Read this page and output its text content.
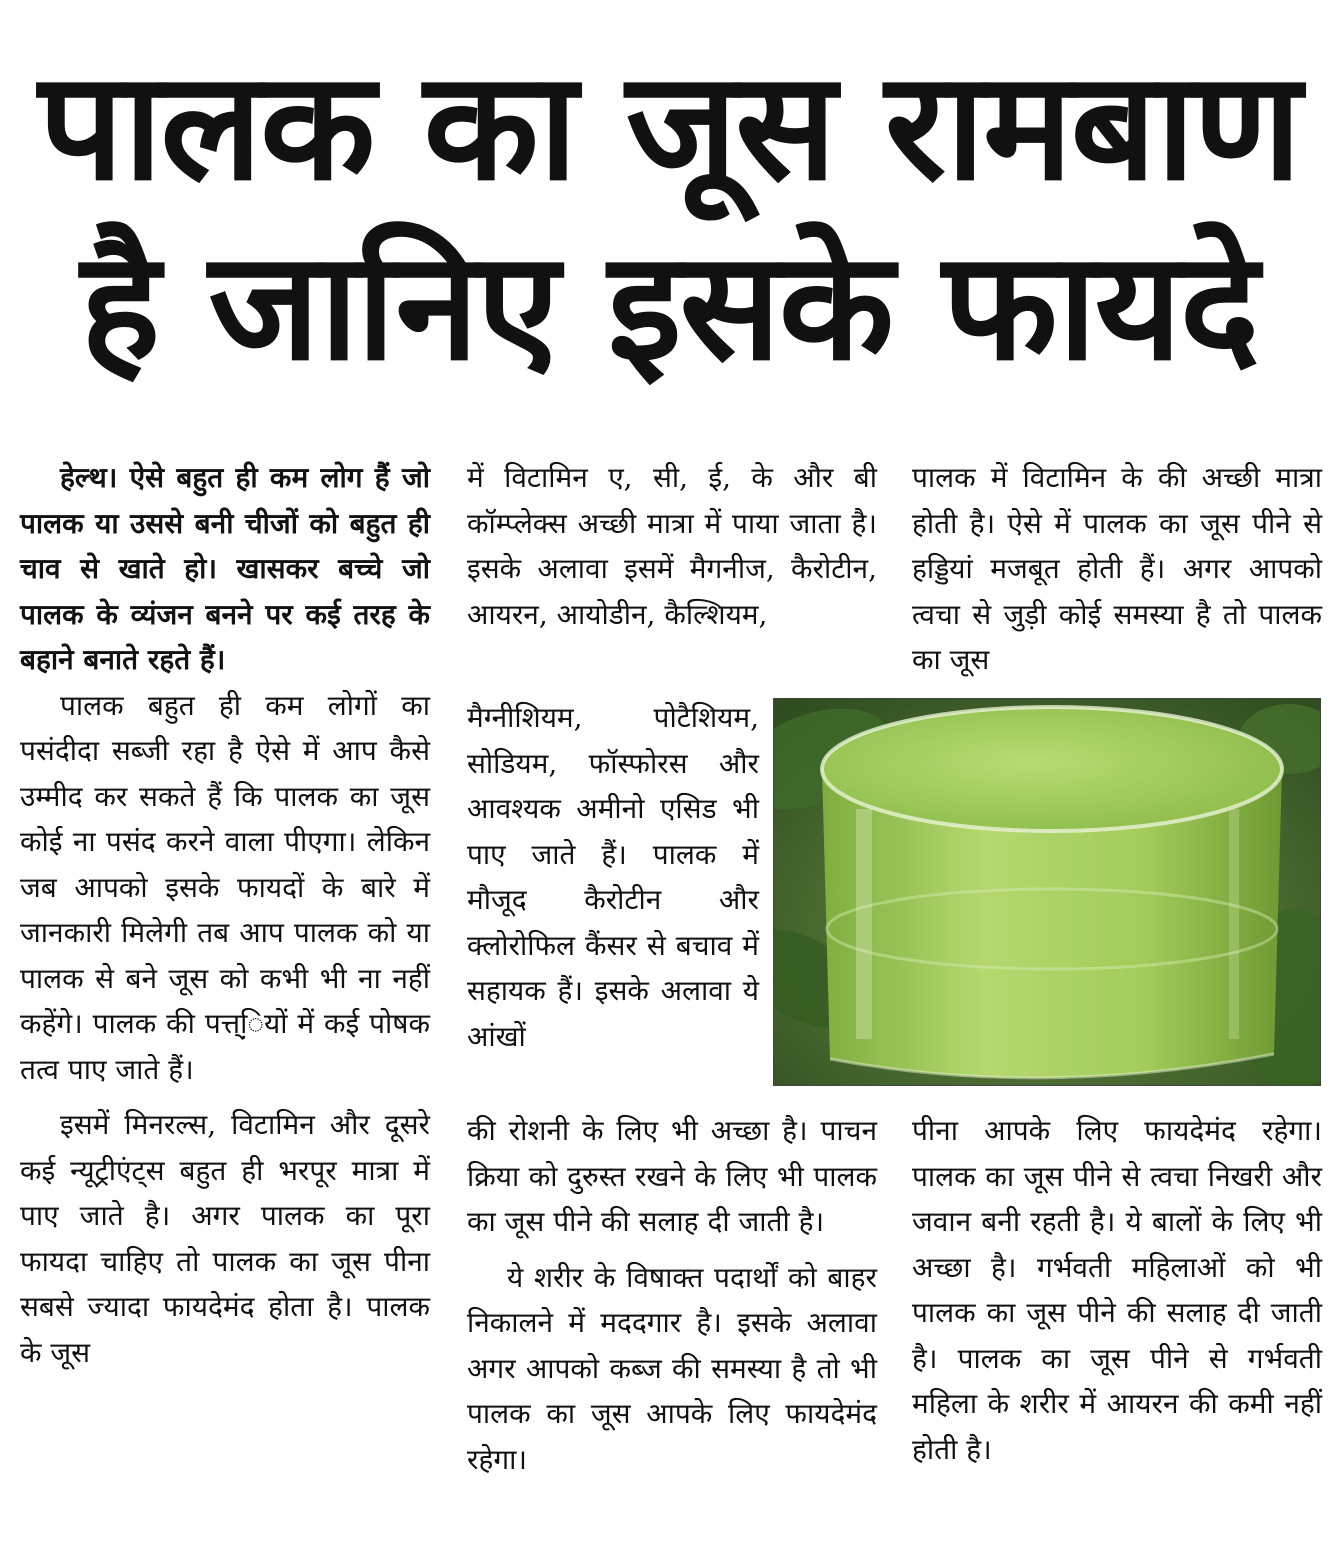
पालक का जूस रामबाण
है जानिए इसके फायदे

हेल्थ। ऐसे बहुत ही कम लोग हैं जो पालक या उससे बनी चीजों को बहुत ही चाव से खाते हो। खासकर बच्चे जो पालक के व्यंजन बनने पर कई तरह के बहाने बनाते रहते हैं।

पालक बहुत ही कम लोगों का पसंदीदा सब्जी रहा है ऐसे में आप कैसे उम्मीद कर सकते हैं कि पालक का जूस कोई ना पसंद करने वाला पीएगा। लेकिन जब आपको इसके फायदों के बारे में जानकारी मिलेगी तब आप पालक को या पालक से बने जूस को कभी भी ना नहीं कहेंगे। पालक की पत्त्ि़यों में कई पोषक तत्व पाए जाते हैं।

इसमें मिनरल्स, विटामिन और दूसरे कई न्यूट्रीएंट्स बहुत ही भरपूर मात्रा में पाए जाते है। अगर पालक का पूरा फायदा चाहिए तो पालक का जूस पीना सबसे ज्यादा फायदेमंद होता है। पालक के जूस

में विटामिन ए, सी, ई, के और बी कॉम्प्लेक्स अच्छी मात्रा में पाया जाता है। इसके अलावा इसमें मैगनीज, कैरोटीन, आयरन, आयोडीन, कैल्शियम,

मैग्नीशियम, पोटैशियम, सोडियम, फॉस्फोरस और आवश्यक अमीनो एसिड भी पाए जाते हैं। पालक में मौजूद कैरोटीन और क्लोरोफिल कैंसर से बचाव में सहायक हैं। इसके अलावा ये आंखों

की रोशनी के लिए भी अच्छा है। पाचन क्रिया को दुरुस्त रखने के लिए भी पालक का जूस पीने की सलाह दी जाती है।

ये शरीर के विषाक्त पदार्थों को बाहर निकालने में मददगार है। इसके अलावा अगर आपको कब्ज की समस्या है तो भी पालक का जूस आपके लिए फायदेमंद रहेगा।

पालक में विटामिन के की अच्छी मात्रा होती है। ऐसे में पालक का जूस पीने से हड्डियां मजबूत होती हैं। अगर आपको त्वचा से जुड़ी कोई समस्या है तो पालक का जूस

पीना आपके लिए फायदेमंद रहेगा। पालक का जूस पीने से त्वचा निखरी और जवान बनी रहती है। ये बालों के लिए भी अच्छा है। गर्भवती महिलाओं को भी पालक का जूस पीने की सलाह दी जाती है। पालक का जूस पीने से गर्भवती महिला के शरीर में आयरन की कमी नहीं होती है।
